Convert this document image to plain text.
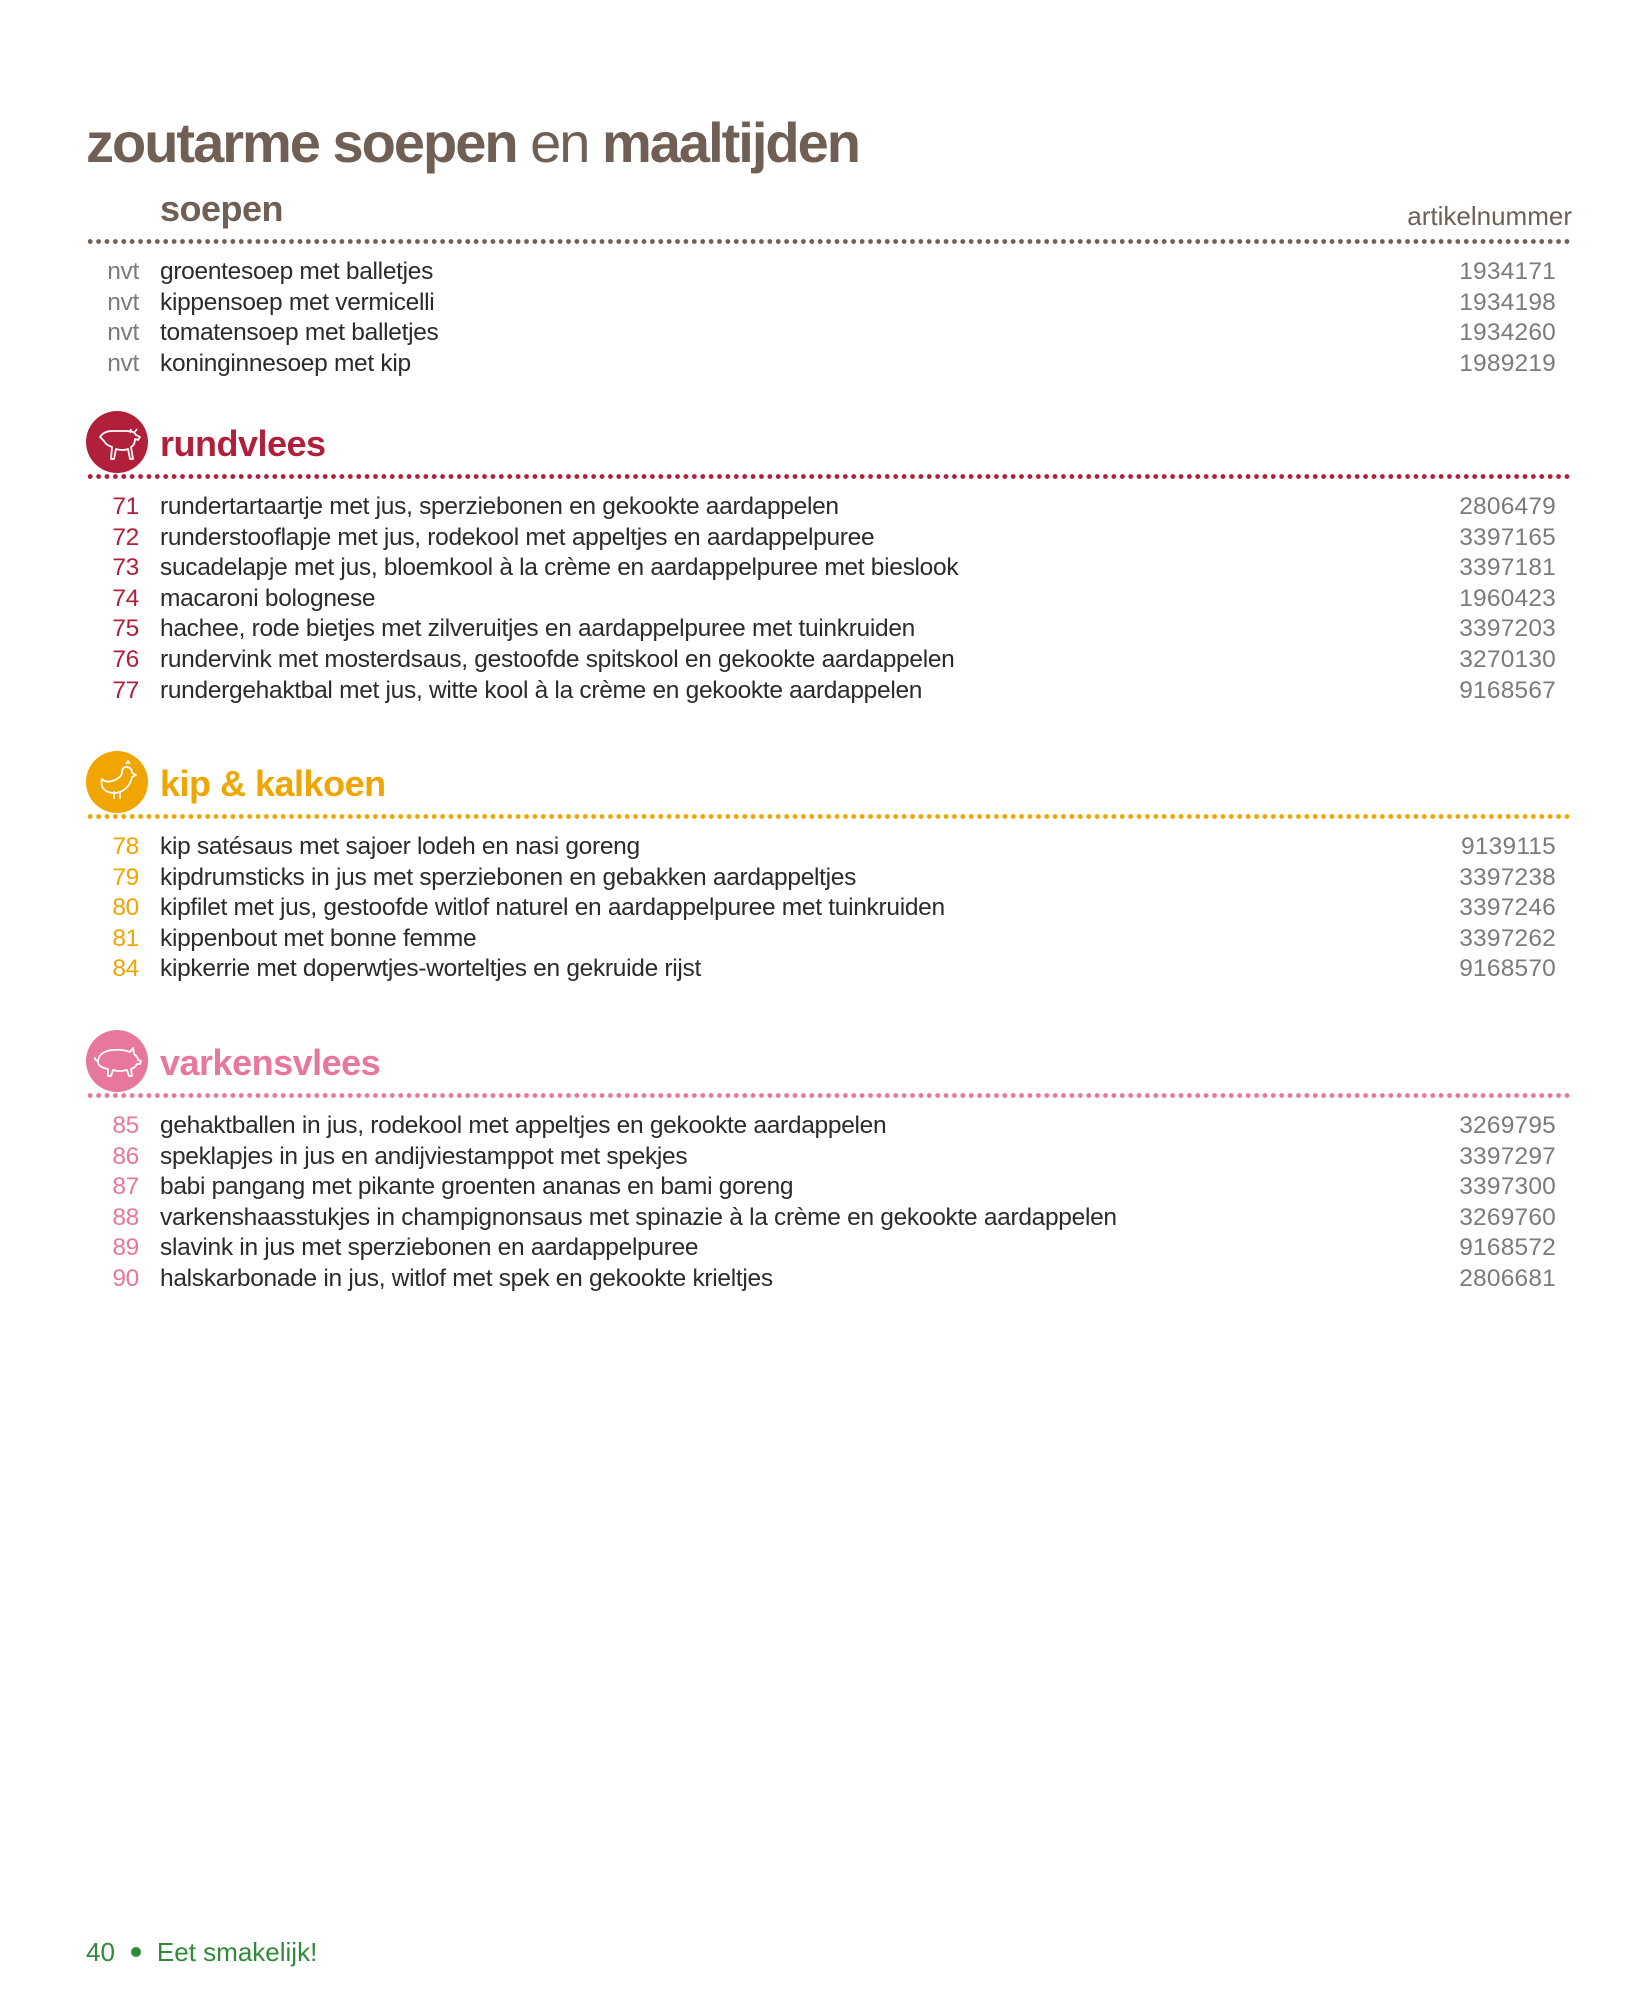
zoutarme soepen en maaltijden
soepen	artikelnummer
nvt groentesoep met balletjes	1934171
nvt kippensoep met vermicelli	1934198
nvt tomatensoep met balletjes	1934260
nvt koninginnesoep met kip	1989219
rundvlees
71 rundertartaartje met jus, sperziebonen en gekookte aardappelen	2806479
72 runderstooflapje met jus, rodekool met appeltjes en aardappelpuree	3397165
73 sucadelapje met jus, bloemkool à la crème en aardappelpuree met bieslook	3397181
74 macaroni bolognese	1960423
75 hachee, rode bietjes met zilveruitjes en aardappelpuree met tuinkruiden	3397203
76 rundervink met mosterdsaus, gestoofde spitskool en gekookte aardappelen	3270130
77 rundergehaktbal met jus, witte kool à la crème en gekookte aardappelen	9168567
kip & kalkoen
78 kip satésaus met sajoer lodeh en nasi goreng	9139115
79 kipdrumsticks in jus met sperziebonen en gebakken aardappeltjes	3397238
80 kipfilet met jus, gestoofde witlof naturel en aardappelpuree met tuinkruiden	3397246
81 kippenbout met bonne femme	3397262
84 kipkerrie met doperwtjes-worteltjes en gekruide rijst	9168570
varkensvlees
85 gehaktballen in jus, rodekool met appeltjes en gekookte aardappelen	3269795
86 speklapjes in jus en andijviestamppot met spekjes	3397297
87 babi pangang met pikante groenten ananas en bami goreng	3397300
88 varkenshaasstukjes in champignonsaus met spinazie à la crème en gekookte aardappelen	3269760
89 slavink in jus met sperziebonen en aardappelpuree	9168572
90 halskarbonade in jus, witlof met spek en gekookte krieltjes	2806681
40 Eet smakelijk!
